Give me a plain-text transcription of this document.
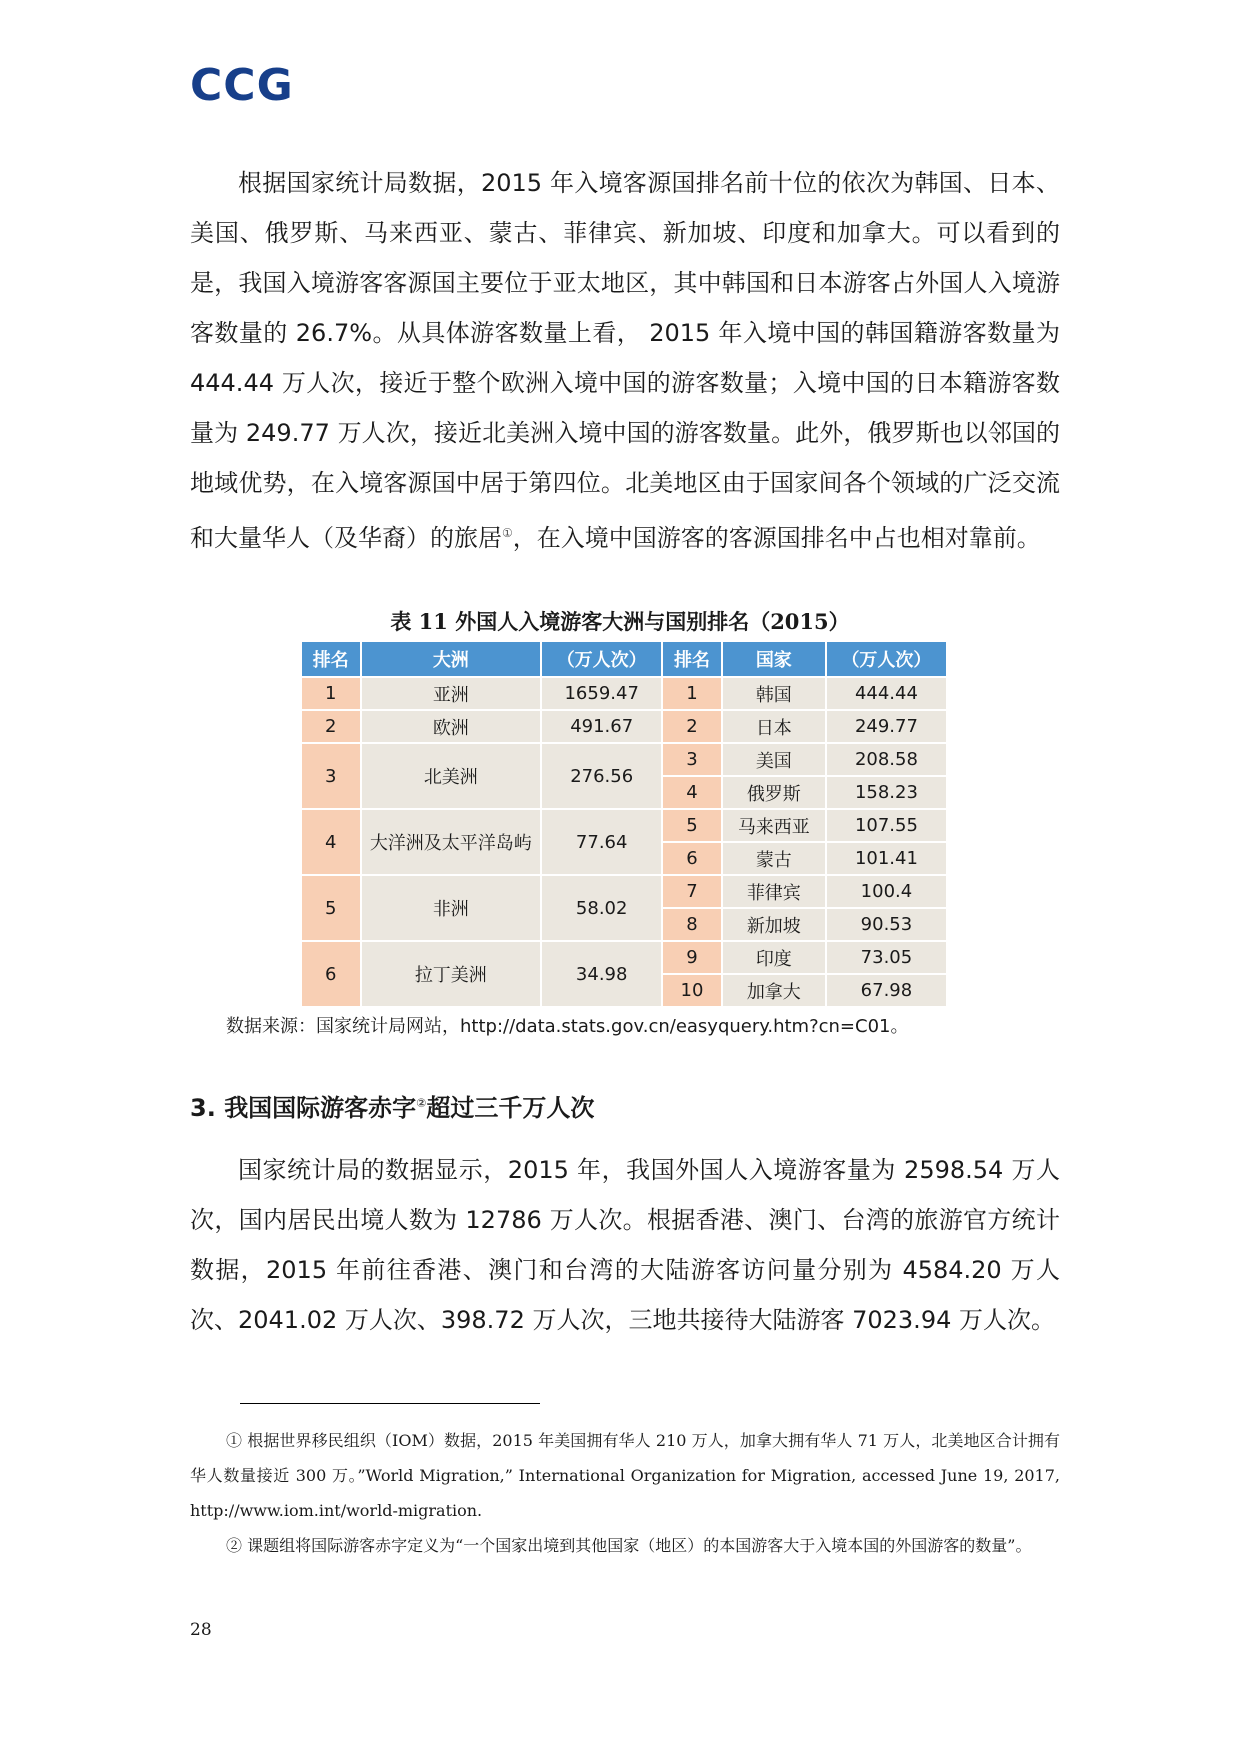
CCG

根据国家统计局数据，2015 年入境客源国排名前十位的依次为韩国、日本、美国、俄罗斯、马来西亚、蒙古、菲律宾、新加坡、印度和加拿大。可以看到的是，我国入境游客客源国主要位于亚太地区，其中韩国和日本游客占外国人入境游客数量的 26.7%。从具体游客数量上看， 2015 年入境中国的韩国籍游客数量为 444.44 万人次，接近于整个欧洲入境中国的游客数量；入境中国的日本籍游客数量为 249.77 万人次，接近北美洲入境中国的游客数量。此外，俄罗斯也以邻国的地域优势，在入境客源国中居于第四位。北美地区由于国家间各个领域的广泛交流和大量华人（及华裔）的旅居①，在入境中国游客的客源国排名中占也相对靠前。

表 11 外国人入境游客大洲与国别排名（2015）
排名	大洲	（万人次）	排名	国家	（万人次）
1	亚洲	1659.47	1	韩国	444.44
2	欧洲	491.67	2	日本	249.77
3	北美洲	276.56	3	美国	208.58
			4	俄罗斯	158.23
4	大洋洲及太平洋岛屿	77.64	5	马来西亚	107.55
			6	蒙古	101.41
5	非洲	58.02	7	菲律宾	100.4
			8	新加坡	90.53
6	拉丁美洲	34.98	9	印度	73.05
			10	加拿大	67.98
数据来源：国家统计局网站，http://data.stats.gov.cn/easyquery.htm?cn=C01。
3. 我国国际游客赤字②超过三千万人次

国家统计局的数据显示，2015 年，我国外国人入境游客量为 2598.54 万人次，国内居民出境人数为 12786 万人次。根据香港、澳门、台湾的旅游官方统计数据，2015 年前往香港、澳门和台湾的大陆游客访问量分别为 4584.20 万人次、2041.02 万人次、398.72 万人次，三地共接待大陆游客 7023.94 万人次。

① 根据世界移民组织（IOM）数据，2015 年美国拥有华人 210 万人，加拿大拥有华人 71 万人，北美地区合计拥有华人数量接近 300 万。”World Migration,” International Organization for Migration, accessed June 19, 2017, http://www.iom.int/world-migration.

② 课题组将国际游客赤字定义为“一个国家出境到其他国家（地区）的本国游客大于入境本国的外国游客的数量”。

28
